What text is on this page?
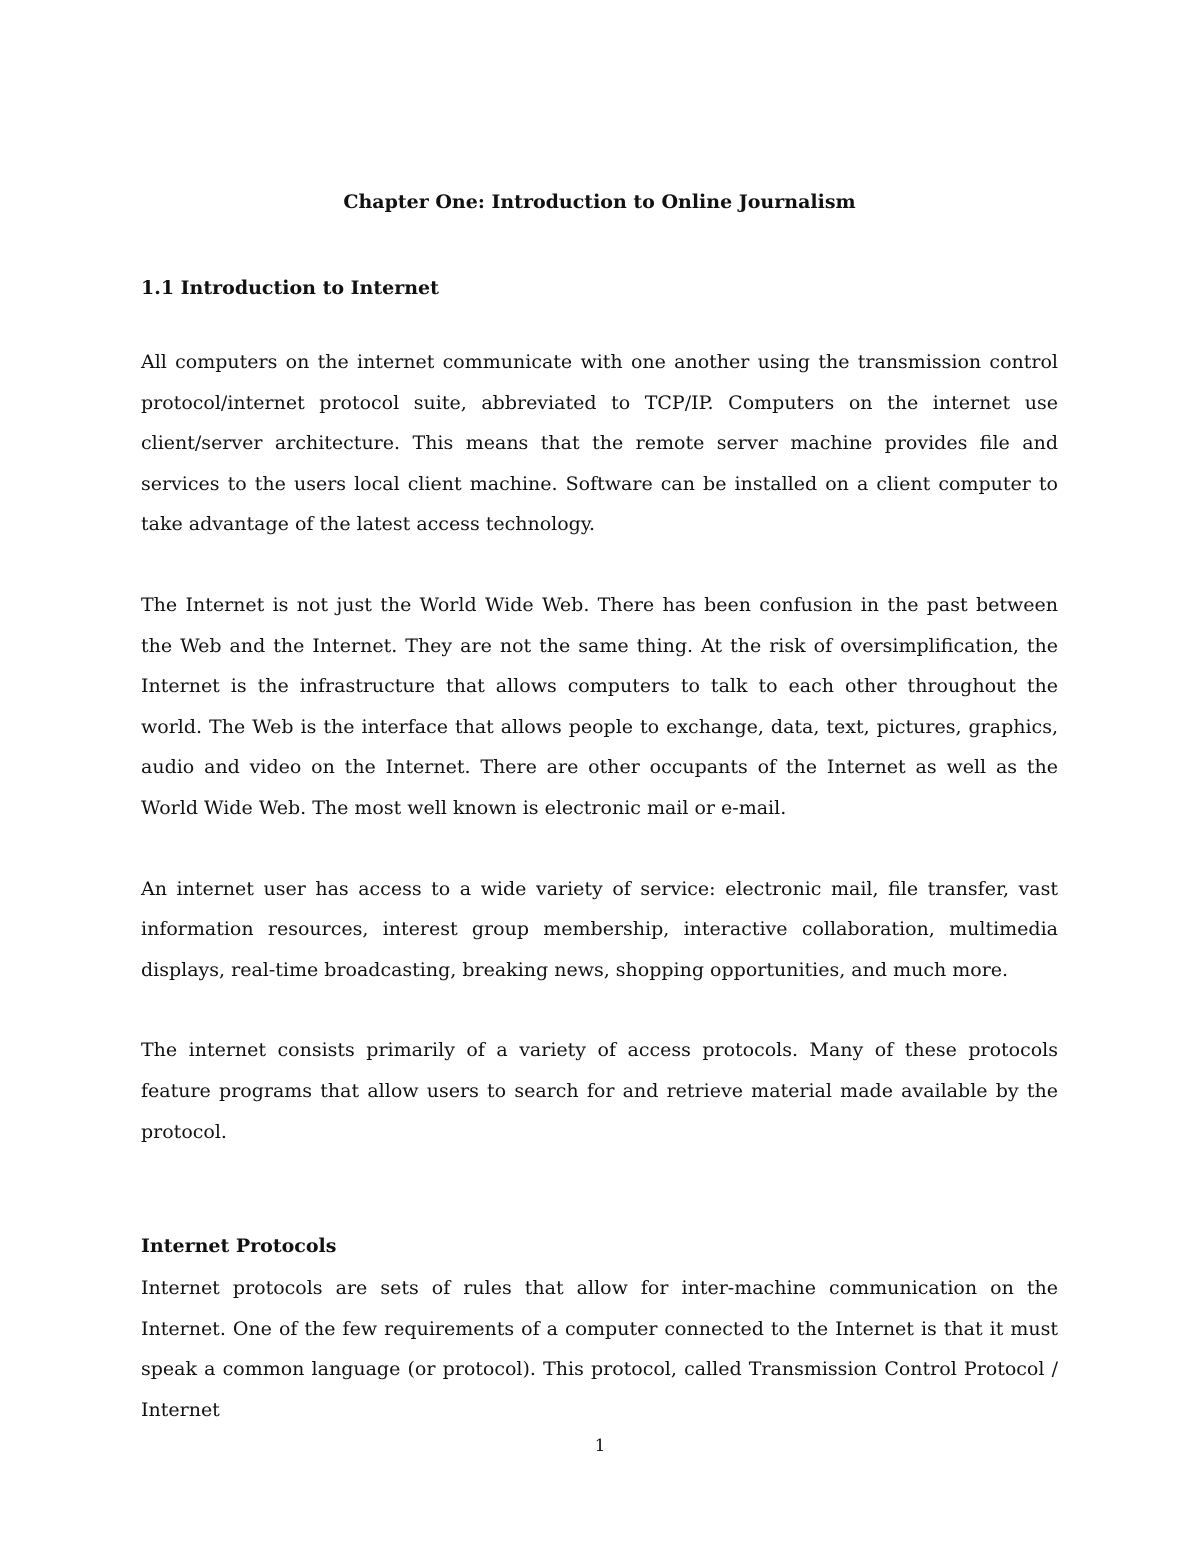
Chapter One: Introduction to Online Journalism
1.1 Introduction to Internet

All computers on the internet communicate with one another using the transmission control protocol/internet protocol suite, abbreviated to TCP/IP. Computers on the internet use client/server architecture. This means that the remote server machine provides file and services to the users local client machine. Software can be installed on a client computer to take advantage of the latest access technology.

The Internet is not just the World Wide Web. There has been confusion in the past between the Web and the Internet. They are not the same thing. At the risk of oversimplification, the Internet is the infrastructure that allows computers to talk to each other throughout the world. The Web is the interface that allows people to exchange, data, text, pictures, graphics, audio and video on the Internet. There are other occupants of the Internet as well as the World Wide Web. The most well known is electronic mail or e-mail.

An internet user has access to a wide variety of service: electronic mail, file transfer, vast information resources, interest group membership, interactive collaboration, multimedia displays, real-time broadcasting, breaking news, shopping opportunities, and much more.

The internet consists primarily of a variety of access protocols. Many of these protocols feature programs that allow users to search for and retrieve material made available by the protocol.

Internet Protocols

Internet protocols are sets of rules that allow for inter-machine communication on the Internet. One of the few requirements of a computer connected to the Internet is that it must speak a common language (or protocol). This protocol, called Transmission Control Protocol / Internet

1
